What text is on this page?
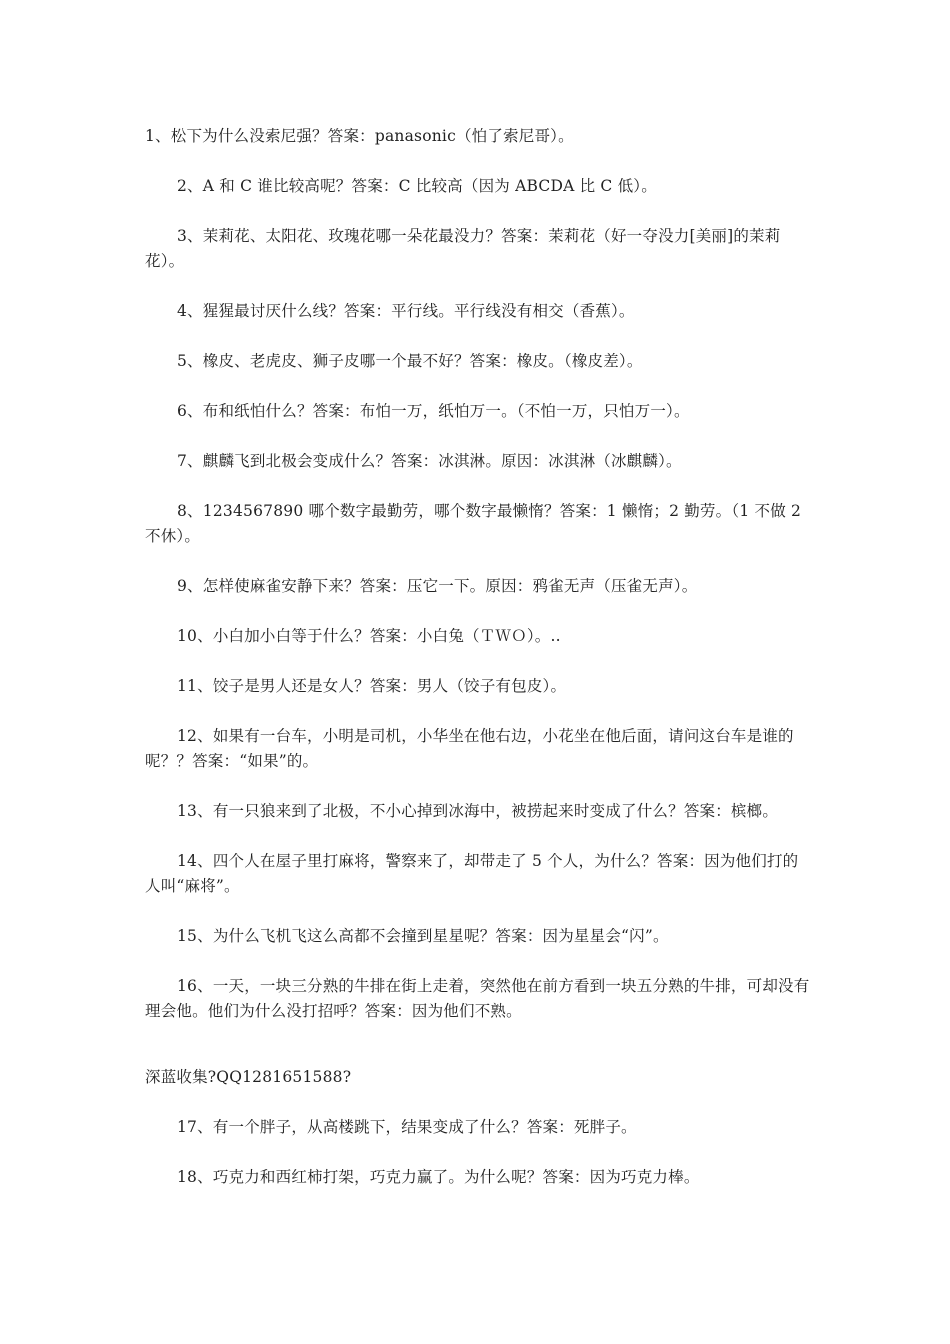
1、松下为什么没索尼强？答案：panasonic（怕了索尼哥）。

2、A 和 C 谁比较高呢？答案：C 比较高（因为 ABCDA 比 C 低）。

3、茉莉花、太阳花、玫瑰花哪一朵花最没力？答案：茉莉花（好一夺没力[美丽]的茉莉花）。

4、猩猩最讨厌什么线？答案：平行线。平行线没有相交（香蕉）。

5、橡皮、老虎皮、狮子皮哪一个最不好？答案：橡皮。（橡皮差）。

6、布和纸怕什么？答案：布怕一万，纸怕万一。（不怕一万，只怕万一）。

7、麒麟飞到北极会变成什么？答案：冰淇淋。原因：冰淇淋（冰麒麟）。

8、1234567890 哪个数字最勤劳，哪个数字最懒惰？答案：1 懒惰；2 勤劳。（1 不做 2 不休）。

9、怎样使麻雀安静下来？答案：压它一下。原因：鸦雀无声（压雀无声）。

10、小白加小白等于什么？答案：小白兔（ＴＷＯ）。..

11、饺子是男人还是女人？答案：男人（饺子有包皮）。

12、如果有一台车，小明是司机，小华坐在他右边，小花坐在他后面，请问这台车是谁的呢？？答案：“如果”的。

13、有一只狼来到了北极，不小心掉到冰海中，被捞起来时变成了什么？答案：槟榔。

14、四个人在屋子里打麻将，警察来了，却带走了 5 个人，为什么？答案：因为他们打的人叫“麻将”。

15、为什么飞机飞这么高都不会撞到星星呢？答案：因为星星会“闪”。

16、一天，一块三分熟的牛排在街上走着，突然他在前方看到一块五分熟的牛排，可却没有理会他。他们为什么没打招呼？答案：因为他们不熟。

深蓝收集?QQ1281651588?

17、有一个胖子，从高楼跳下，结果变成了什么？答案：死胖子。

18、巧克力和西红柿打架，巧克力赢了。为什么呢？答案：因为巧克力棒。
